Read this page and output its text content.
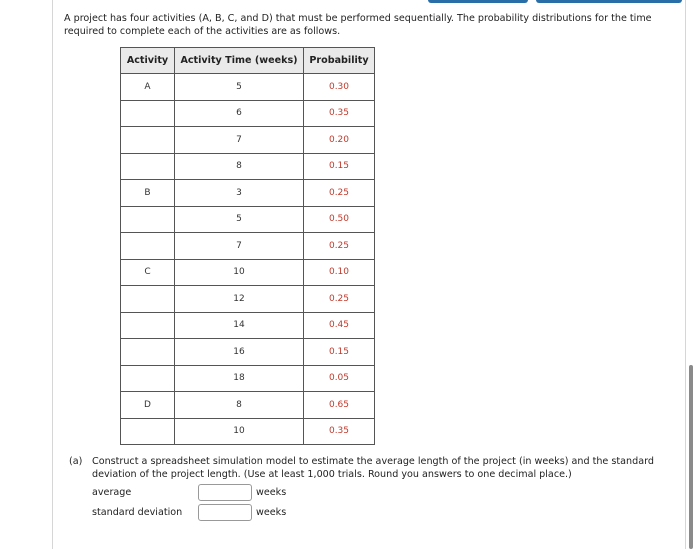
A project has four activities (A, B, C, and D) that must be performed sequentially. The probability distributions for the time required to complete each of the activities are as follows.
Activity	Activity Time (weeks)	Probability
A	5	0.30
	6	0.35
	7	0.20
	8	0.15
B	3	0.25
	5	0.50
	7	0.25
C	10	0.10
	12	0.25
	14	0.45
	16	0.15
	18	0.05
D	8	0.65
	10	0.35
(a) Construct a spreadsheet simulation model to estimate the average length of the project (in weeks) and the standard deviation of the project length. (Use at least 1,000 trials. Round you answers to one decimal place.)
average	weeks
standard deviation	weeks
